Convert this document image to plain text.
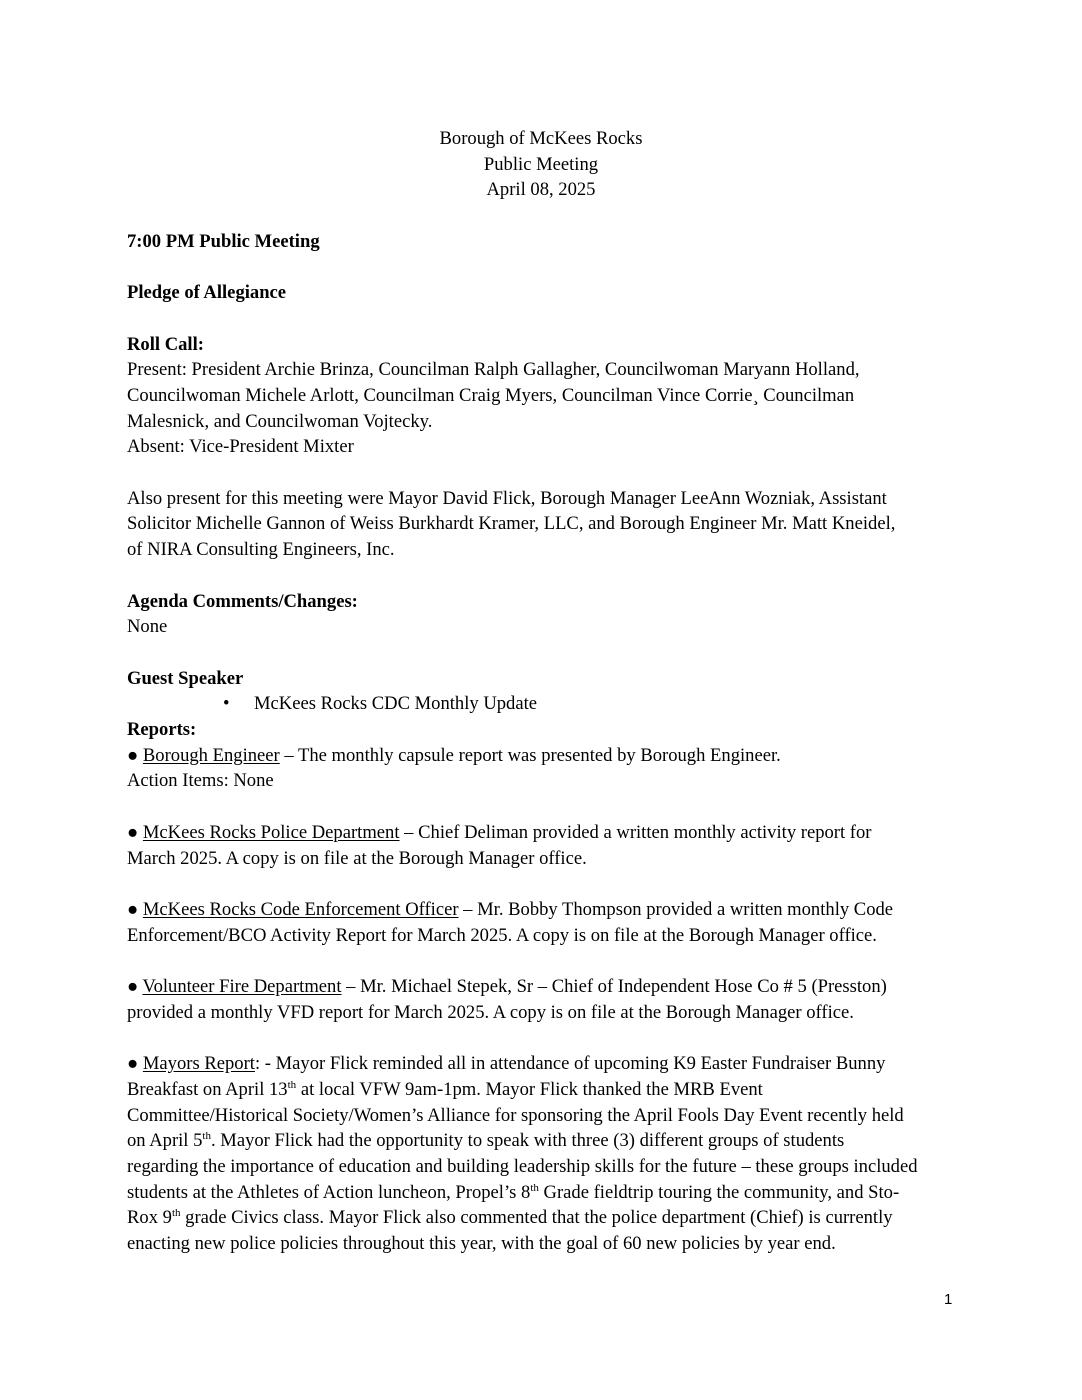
Borough of McKees Rocks
Public Meeting
April 08, 2025
7:00 PM Public Meeting
Pledge of Allegiance
Roll Call:
Present: President Archie Brinza, Councilman Ralph Gallagher, Councilwoman Maryann Holland,
Councilwoman Michele Arlott, Councilman Craig Myers, Councilman Vince Corrie¸ Councilman
Malesnick, and Councilwoman Vojtecky.
Absent: Vice-President Mixter
Also present for this meeting were Mayor David Flick, Borough Manager LeeAnn Wozniak, Assistant
Solicitor Michelle Gannon of Weiss Burkhardt Kramer, LLC, and Borough Engineer Mr. Matt Kneidel,
of NIRA Consulting Engineers, Inc.
Agenda Comments/Changes:
None
Guest Speaker
• McKees Rocks CDC Monthly Update
Reports:
● Borough Engineer – The monthly capsule report was presented by Borough Engineer.
Action Items: None
● McKees Rocks Police Department – Chief Deliman provided a written monthly activity report for
March 2025. A copy is on file at the Borough Manager office.
● McKees Rocks Code Enforcement Officer – Mr. Bobby Thompson provided a written monthly Code
Enforcement/BCO Activity Report for March 2025. A copy is on file at the Borough Manager office.
● Volunteer Fire Department – Mr. Michael Stepek, Sr – Chief of Independent Hose Co # 5 (Presston)
provided a monthly VFD report for March 2025. A copy is on file at the Borough Manager office.
● Mayors Report: - Mayor Flick reminded all in attendance of upcoming K9 Easter Fundraiser Bunny
Breakfast on April 13th at local VFW 9am-1pm. Mayor Flick thanked the MRB Event
Committee/Historical Society/Women’s Alliance for sponsoring the April Fools Day Event recently held
on April 5th. Mayor Flick had the opportunity to speak with three (3) different groups of students
regarding the importance of education and building leadership skills for the future – these groups included
students at the Athletes of Action luncheon, Propel’s 8th Grade fieldtrip touring the community, and Sto-
Rox 9th grade Civics class. Mayor Flick also commented that the police department (Chief) is currently
enacting new police policies throughout this year, with the goal of 60 new policies by year end.
1
